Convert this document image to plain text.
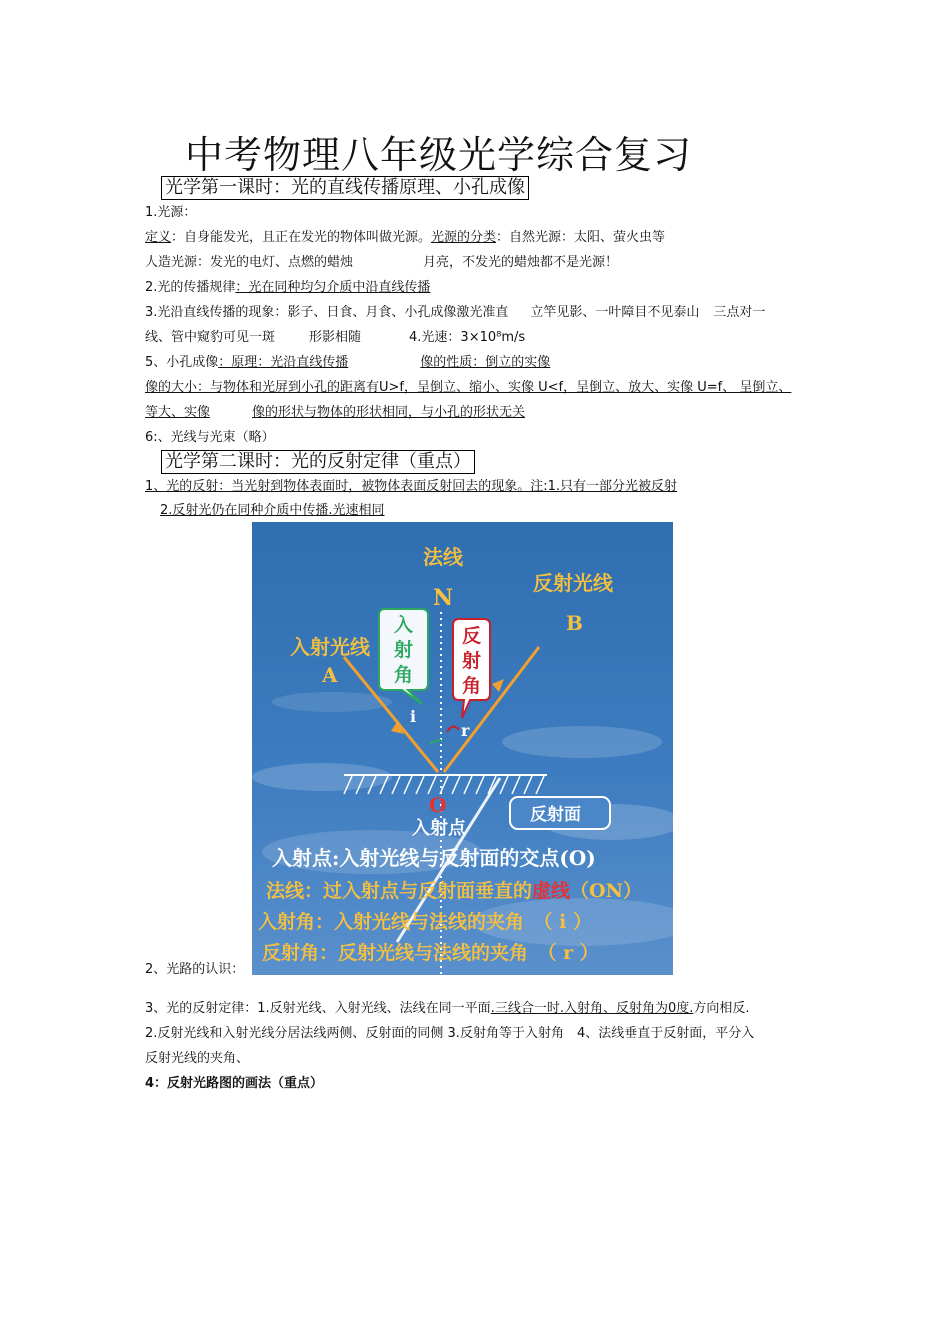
中考物理八年级光学综合复习
光学第一课时：光的直线传播原理、小孔成像
1.光源：
定义：自身能发光，且正在发光的物体叫做光源。光源的分类：自然光源：太阳、萤火虫等
人造光源：发光的电灯、点燃的蜡烛	月亮，不发光的蜡烛都不是光源！
2.光的传播规律：光在同种均匀介质中沿直线传播
3.光沿直线传播的现象：影子、日食、月食、小孔成像激光准直 立竿见影、一叶障目不见泰山 三点对一
线、管中窥豹可见一斑	形影相随	4.光速：3×10⁸m/s
5、小孔成像：原理：光沿直线传播	像的性质：倒立的实像
像的大小：与物体和光屏到小孔的距离有U>f，呈倒立、缩小、实像 U<f，呈倒立、放大、实像 U=f、 呈倒立、
等大、实像	像的形状与物体的形状相同，与小孔的形状无关
6:、光线与光束（略）
光学第二课时：光的反射定律（重点）
1、光的反射：当光射到物体表面时，被物体表面反射回去的现象。注:1.只有一部分光被反射
2.反射光仍在同种介质中传播.光速相同
2、光路的认识：
法线
反射光线
入射光线
N
A
B
i
r
O
入
射
角
反
射
角
入射点
反射面
入射点:入射光线与反射面的交点(O)
法线：过入射点与反射面垂直的虚线（ON）
入射角：入射光线与法线的夹角　（ i ）
反射角：反射光线与法线的夹角　（ r ）
3、光的反射定律：1.反射光线、入射光线、法线在同一平面.三线合一时.入射角、反射角为0度.方向相反.
2.反射光线和入射光线分居法线两侧、反射面的同侧 3.反射角等于入射角　4、法线垂直于反射面，平分入
反射光线的夹角、
4：反射光路图的画法（重点）
